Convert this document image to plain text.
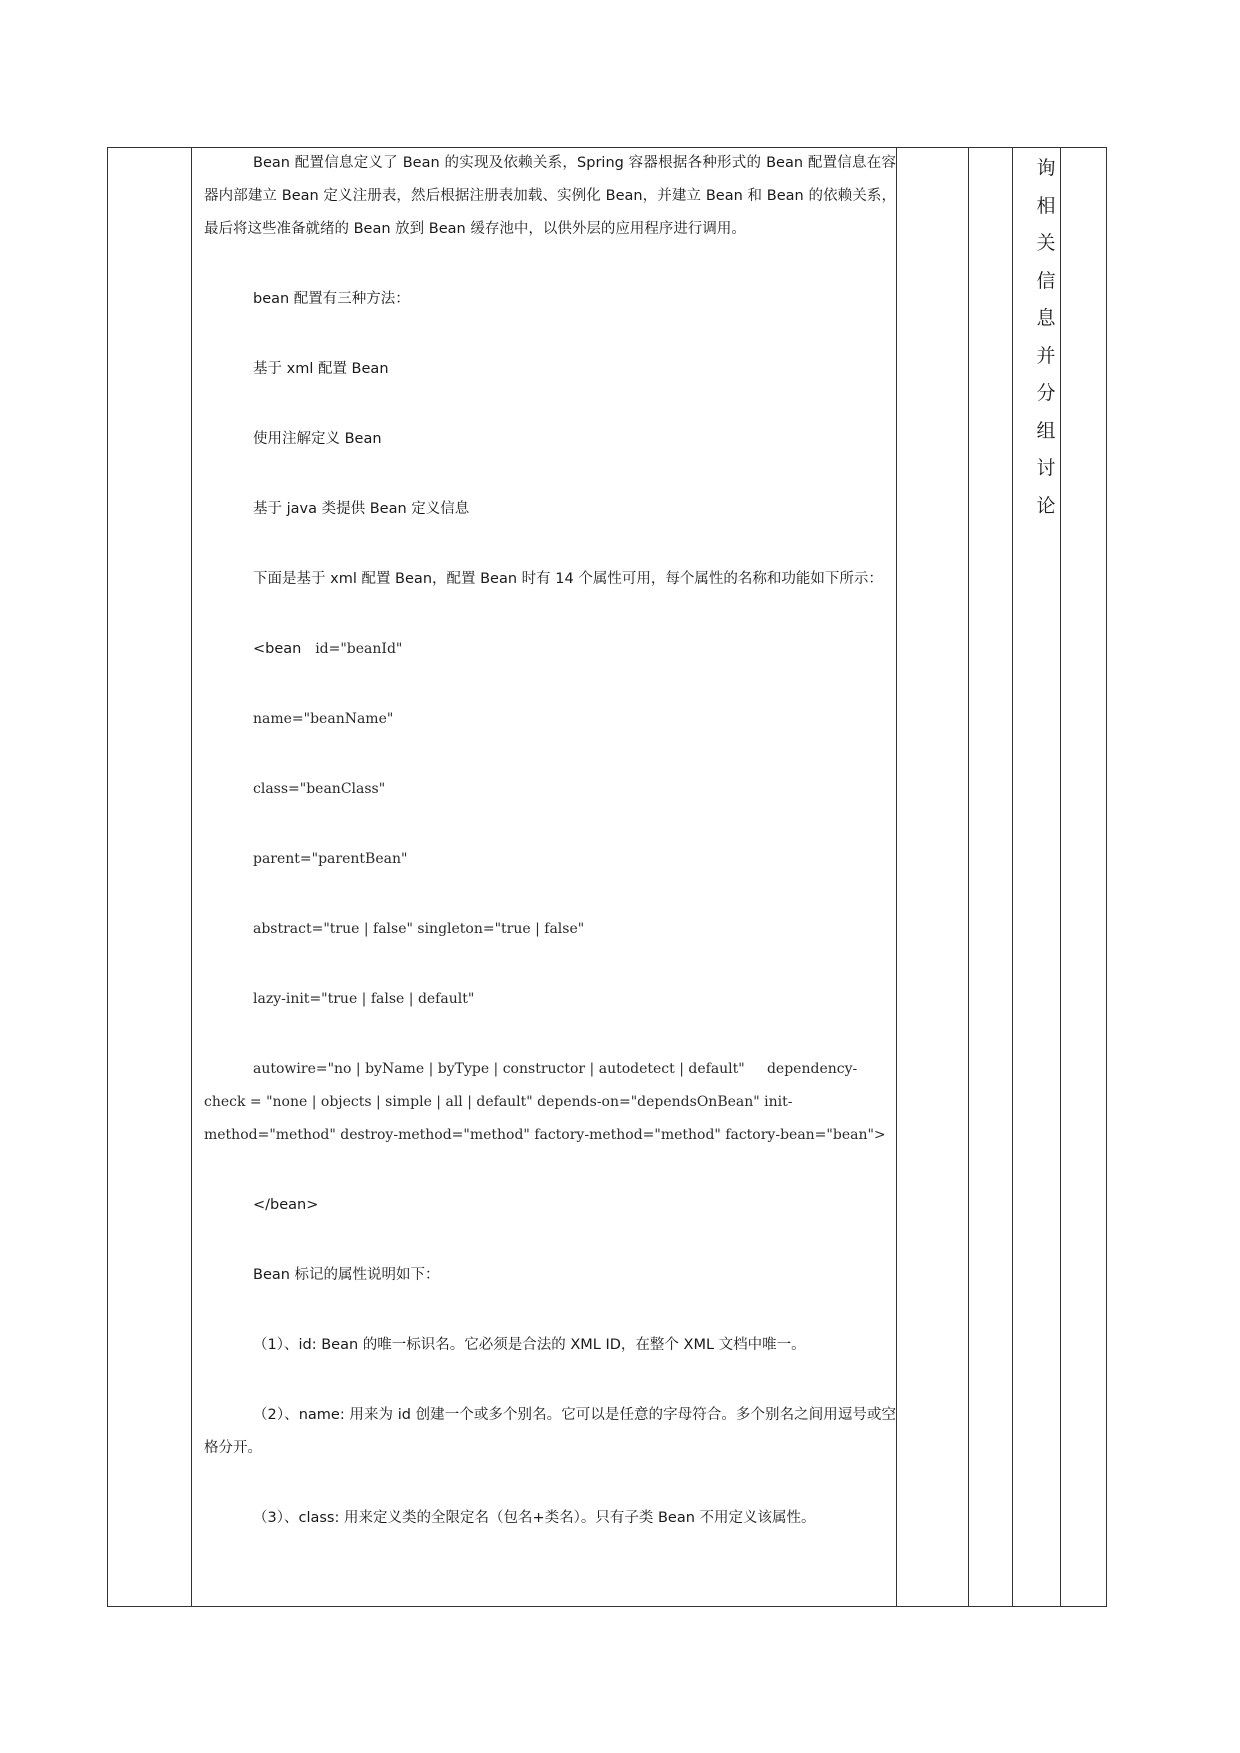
Bean 配置信息定义了 Bean 的实现及依赖关系，Spring 容器根据各种形式的 Bean 配置信息在容器内部建立 Bean 定义注册表，然后根据注册表加载、实例化 Bean，并建立 Bean 和 Bean 的依赖关系，最后将这些准备就绪的 Bean 放到 Bean 缓存池中，以供外层的应用程序进行调用。

bean 配置有三种方法：

基于 xml 配置 Bean

使用注解定义 Bean

基于 java 类提供 Bean 定义信息

下面是基于 xml 配置 Bean，配置 Bean 时有 14 个属性可用，每个属性的名称和功能如下所示：

<bean id="beanId"

name="beanName"

class="beanClass"

parent="parentBean"

abstract="true | false" singleton="true | false"

lazy-init="true | false | default"

autowire="no | byName | byType | constructor | autodetect | default"     dependency-check = "none | objects | simple | all | default" depends-on="dependsOnBean" init-method="method" destroy-method="method" factory-method="method" factory-bean="bean">

</bean>

Bean 标记的属性说明如下：

（1）、id: Bean 的唯一标识名。它必须是合法的 XML ID，在整个 XML 文档中唯一。

（2）、name: 用来为 id 创建一个或多个别名。它可以是任意的字母符合。多个别名之间用逗号或空格分开。

（3）、class: 用来定义类的全限定名（包名+类名）。只有子类 Bean 不用定义该属性。

询
相
关
信
息
并
分
组
讨
论
